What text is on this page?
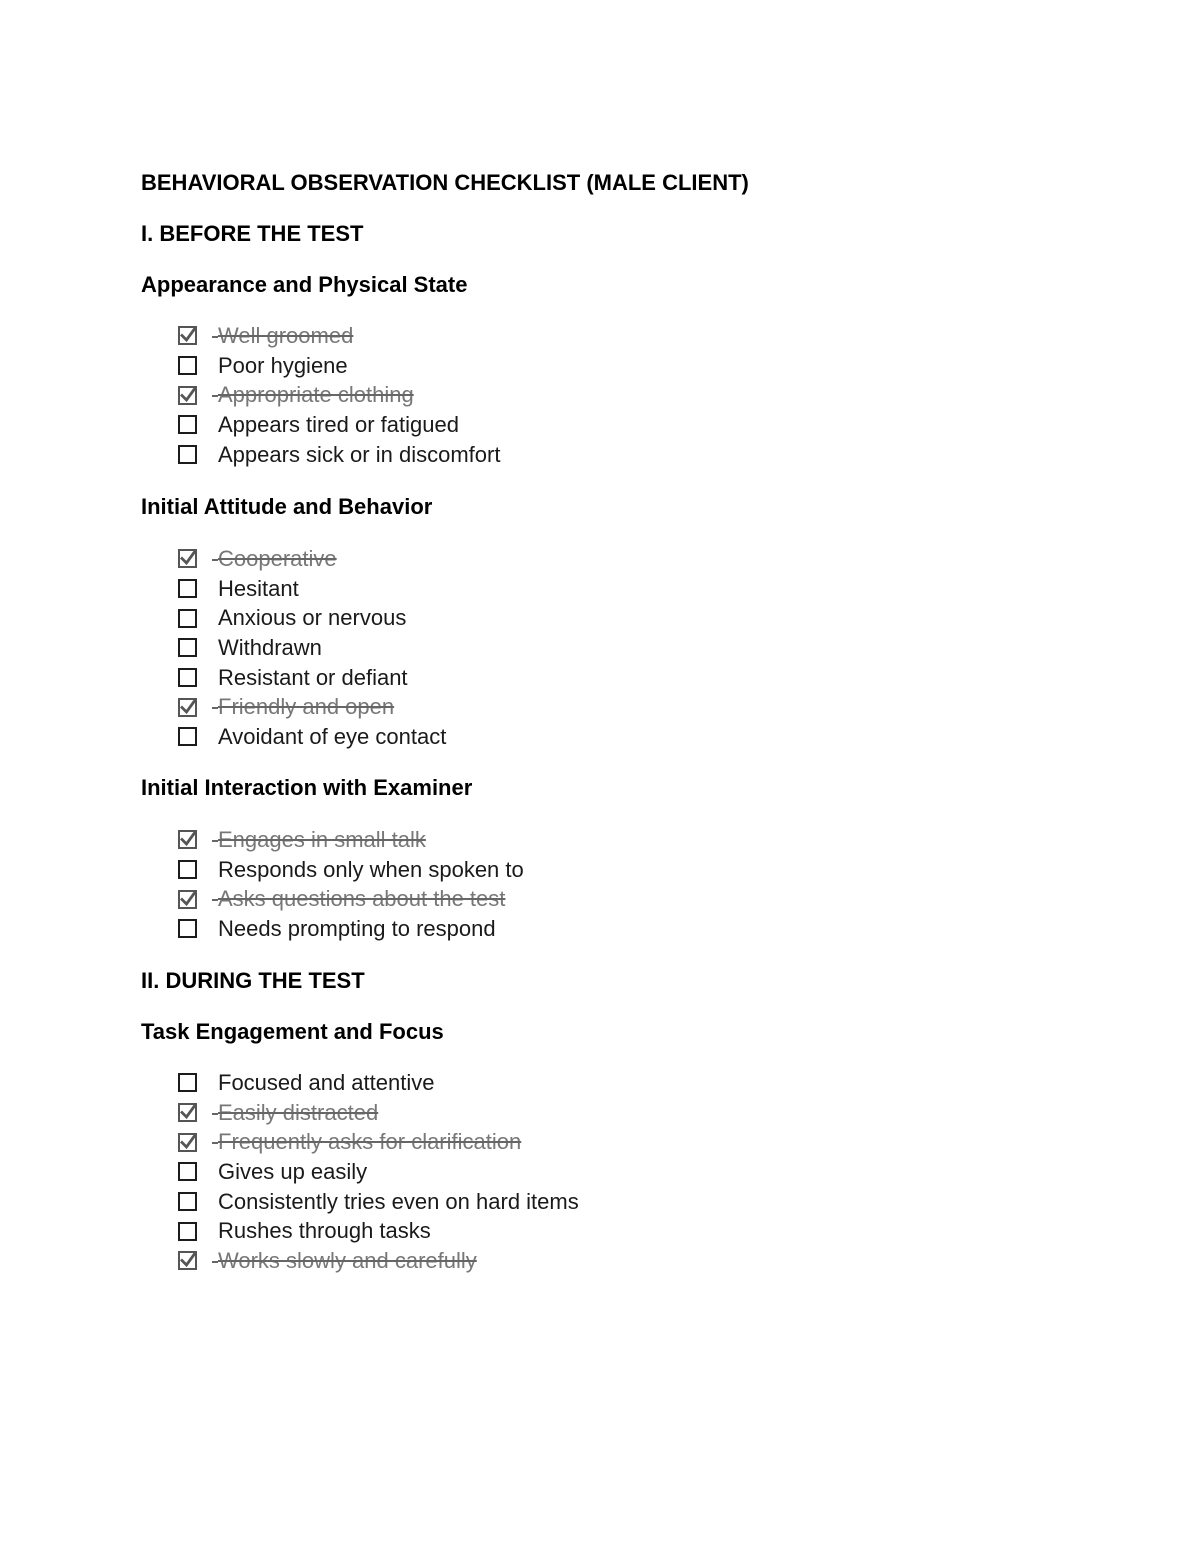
BEHAVIORAL OBSERVATION CHECKLIST (MALE CLIENT)
I. BEFORE THE TEST
Appearance and Physical State
Well groomed
Poor hygiene
Appropriate clothing
Appears tired or fatigued
Appears sick or in discomfort
Initial Attitude and Behavior
Cooperative
Hesitant
Anxious or nervous
Withdrawn
Resistant or defiant
Friendly and open
Avoidant of eye contact
Initial Interaction with Examiner
Engages in small talk
Responds only when spoken to
Asks questions about the test
Needs prompting to respond
II. DURING THE TEST
Task Engagement and Focus
Focused and attentive
Easily distracted
Frequently asks for clarification
Gives up easily
Consistently tries even on hard items
Rushes through tasks
Works slowly and carefully
